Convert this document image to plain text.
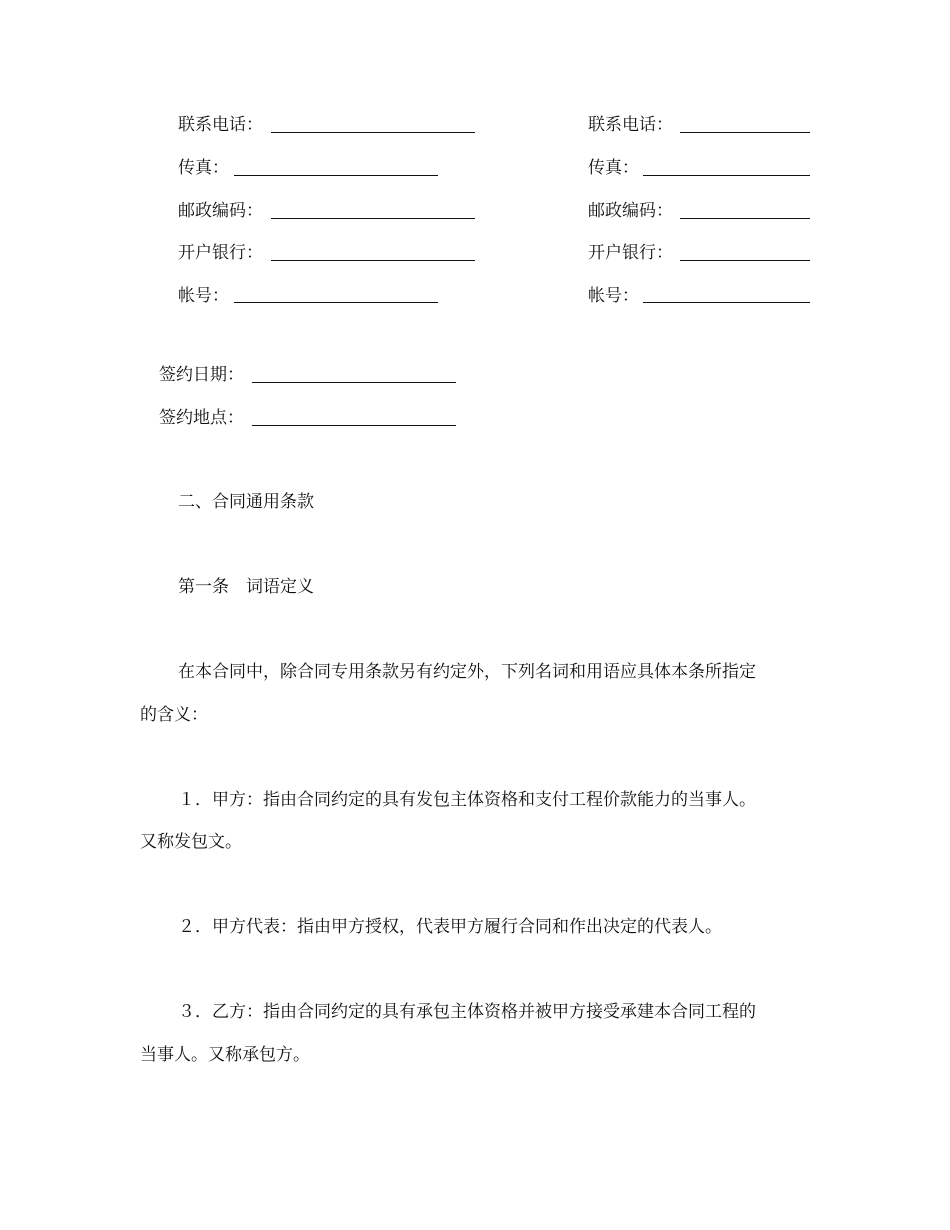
联系电话：
传真：
邮政编码：
开户银行：
帐号：
联系电话：
传真：
邮政编码：
开户银行：
帐号：
签约日期：
签约地点：
二、合同通用条款
第一条　词语定义
在本合同中，除合同专用条款另有约定外，下列名词和用语应具体本条所指定
的含义：
１．甲方：指由合同约定的具有发包主体资格和支付工程价款能力的当事人。
又称发包文。
２．甲方代表：指由甲方授权，代表甲方履行合同和作出决定的代表人。
３．乙方：指由合同约定的具有承包主体资格并被甲方接受承建本合同工程的
当事人。又称承包方。
